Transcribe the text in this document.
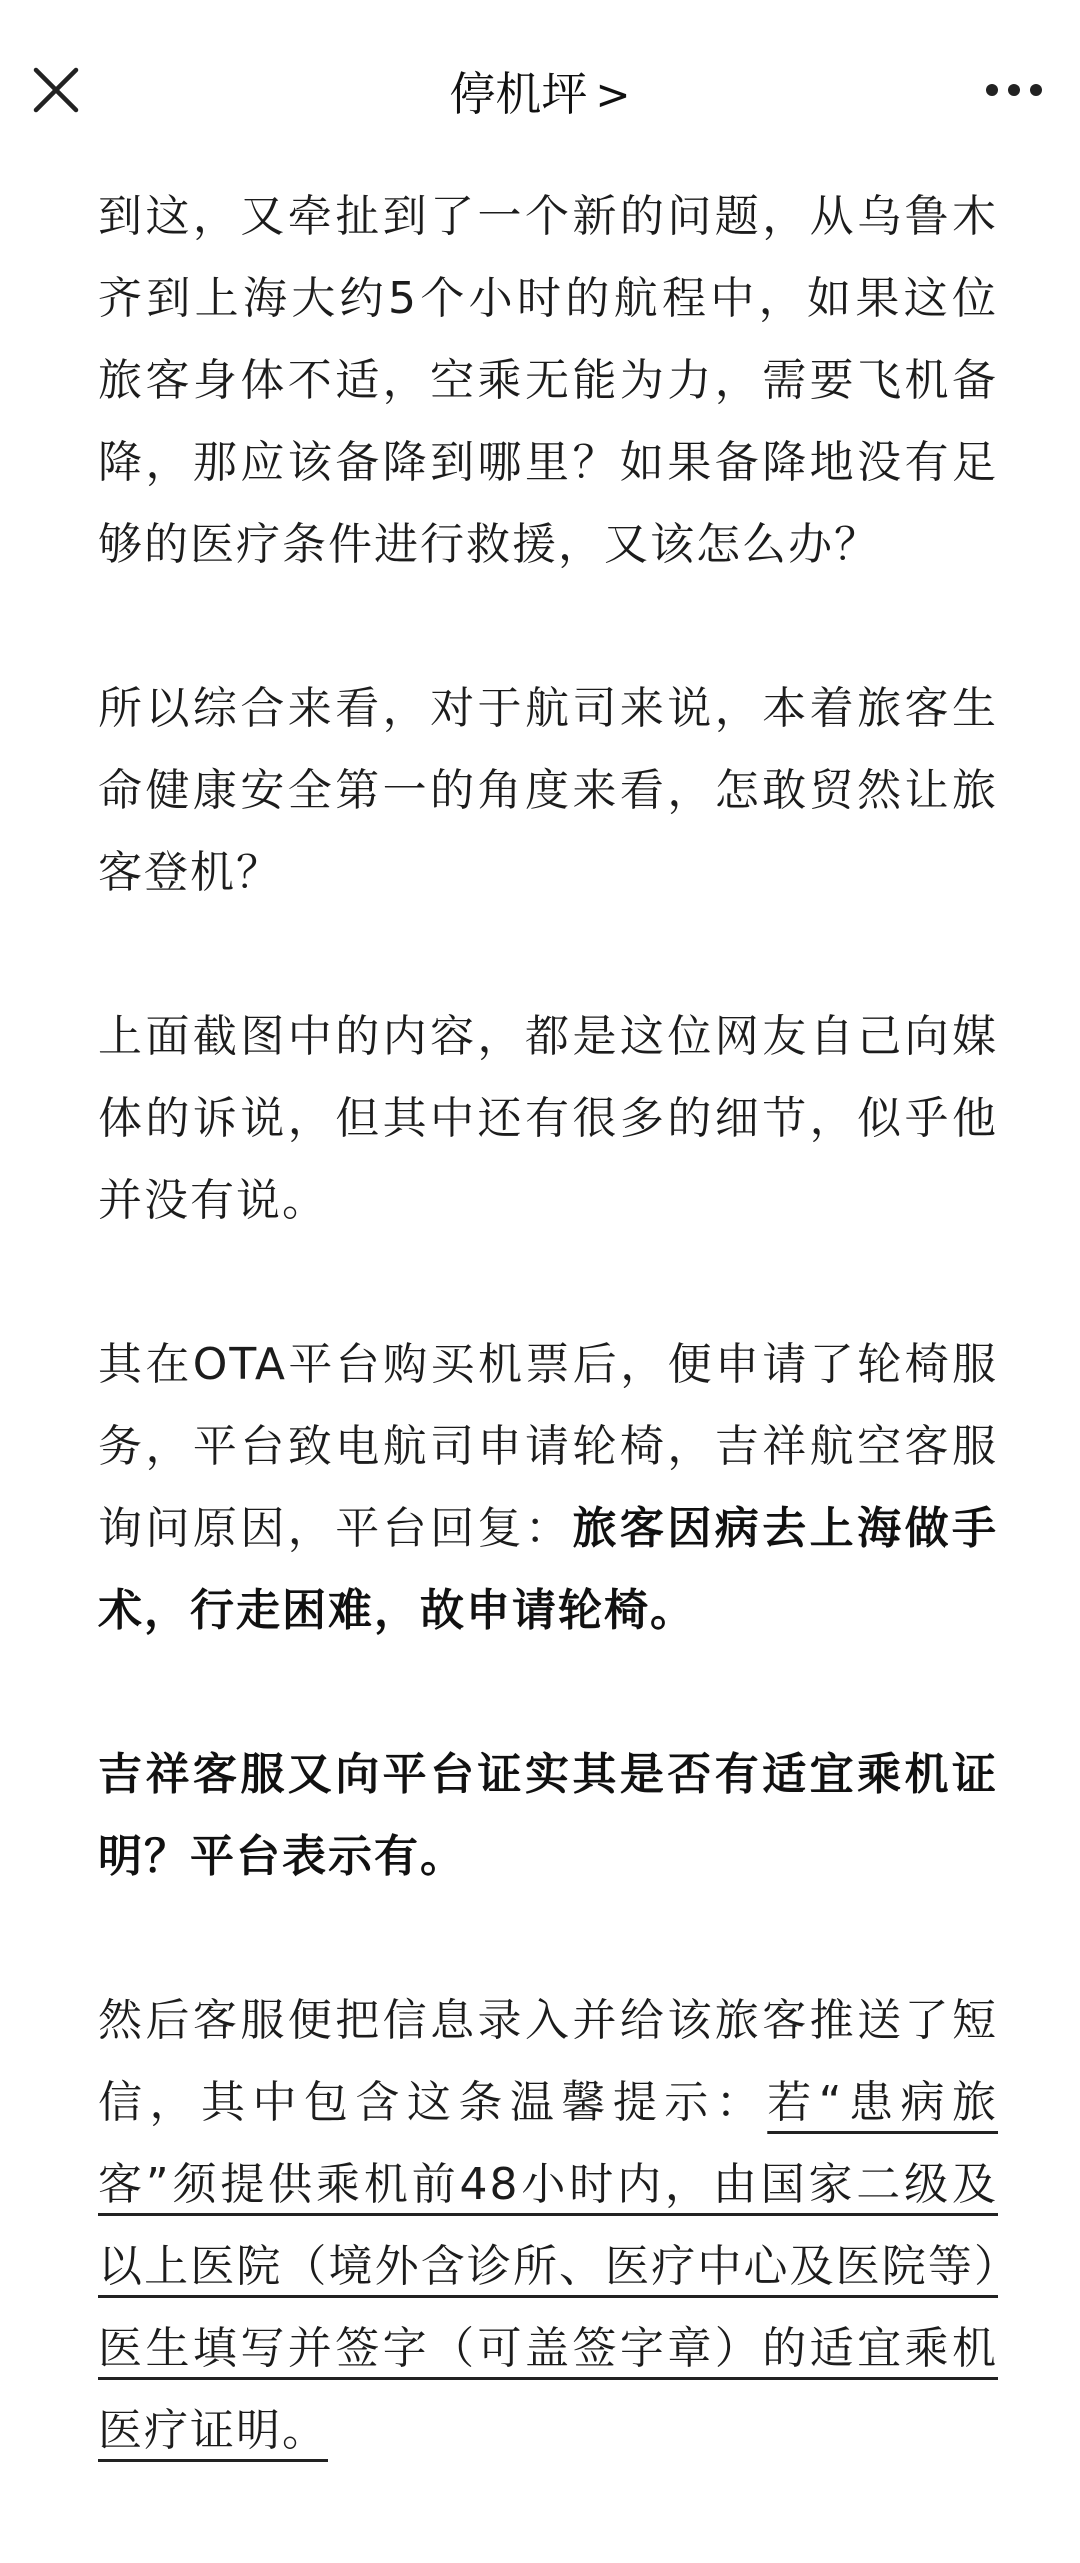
停机坪 >

到这，又牵扯到了一个新的问题，从乌鲁木齐到上海大约5个小时的航程中，如果这位旅客身体不适，空乘无能为力，需要飞机备降，那应该备降到哪里？如果备降地没有足够的医疗条件进行救援，又该怎么办？

所以综合来看，对于航司来说，本着旅客生命健康安全第一的角度来看，怎敢贸然让旅客登机？

上面截图中的内容，都是这位网友自己向媒体的诉说，但其中还有很多的细节，似乎他并没有说。

其在OTA平台购买机票后，便申请了轮椅服务，平台致电航司申请轮椅，吉祥航空客服询问原因，平台回复：旅客因病去上海做手术，行走困难，故申请轮椅。

吉祥客服又向平台证实其是否有适宜乘机证明？平台表示有。

然后客服便把信息录入并给该旅客推送了短信，其中包含这条温馨提示：若“患病旅客”须提供乘机前48小时内，由国家二级及以上医院（境外含诊所、医疗中心及医院等）医生填写并签字（可盖签字章）的适宜乘机医疗证明。
